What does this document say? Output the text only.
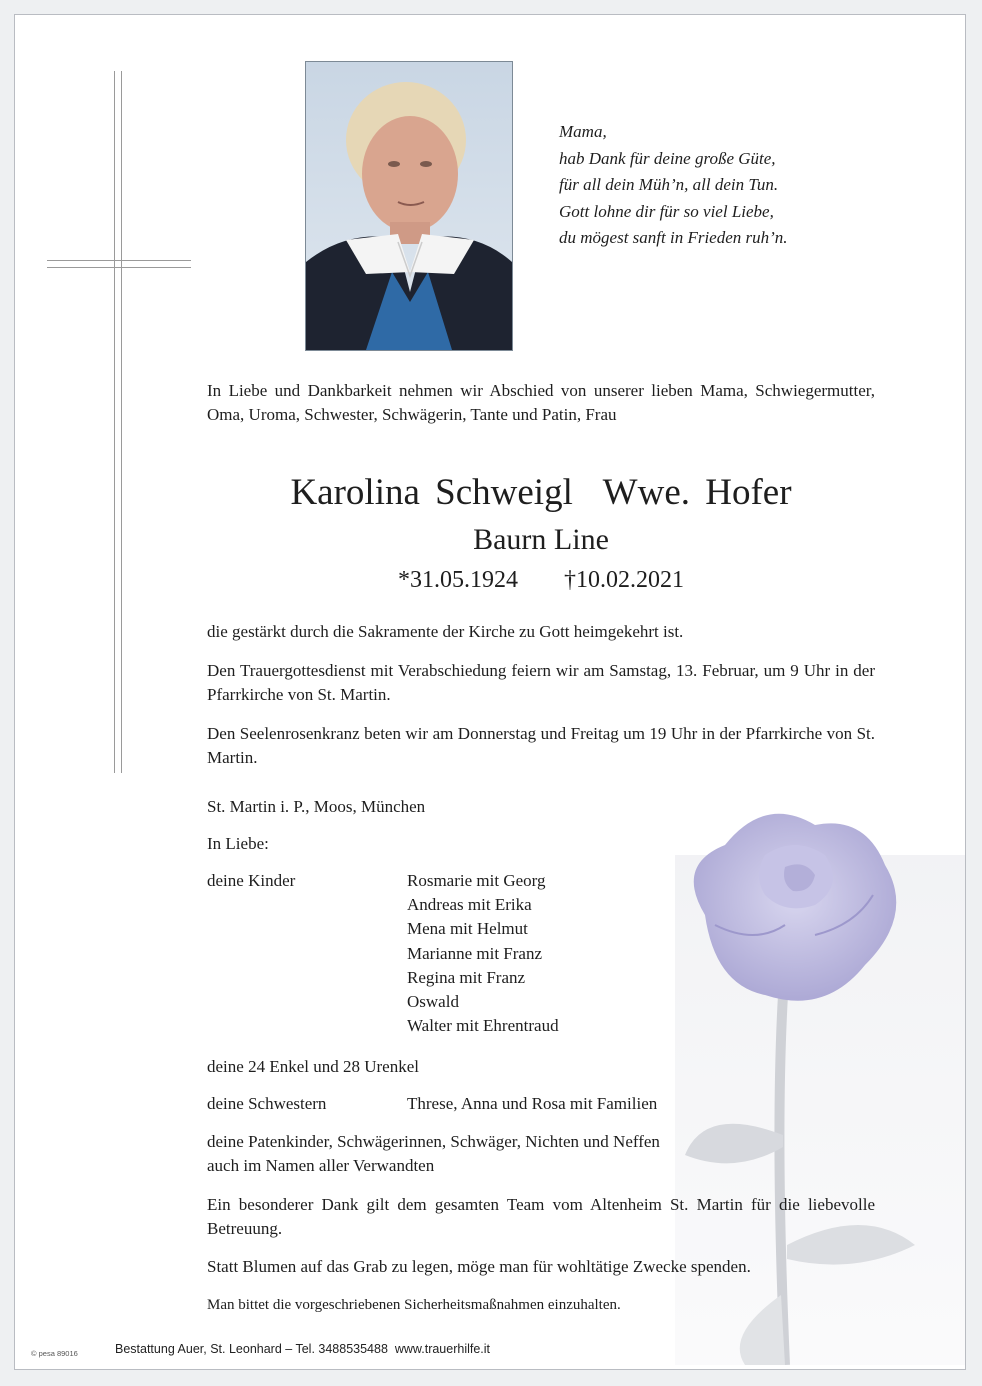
Mama,
hab Dank für deine große Güte,
für all dein Müh’n, all dein Tun.
Gott lohne dir für so viel Liebe,
du mögest sanft in Frieden ruh’n.
In Liebe und Dankbarkeit nehmen wir Abschied von unserer lieben Mama, Schwiegermutter, Oma, Uroma, Schwester, Schwägerin, Tante und Patin, Frau
Karolina Schweigl  Wwe. Hofer
Baurn Line
*31.05.1924 †10.02.2021
die gestärkt durch die Sakramente der Kirche zu Gott heimgekehrt ist.
Den Trauergottesdienst mit Verabschiedung feiern wir am Samstag, 13. Februar, um 9 Uhr in der Pfarrkirche von St. Martin.
Den Seelenrosenkranz beten wir am Donnerstag und Freitag um 19 Uhr in der Pfarrkirche von St. Martin.
St. Martin i. P., Moos, München
In Liebe:
deine Kinder	Rosmarie mit Georg
Andreas mit Erika
Mena mit Helmut
Marianne mit Franz
Regina mit Franz
Oswald
Walter mit Ehrentraud
deine 24 Enkel und 28 Urenkel
deine Schwestern	Threse, Anna und Rosa mit Familien
deine Patenkinder, Schwägerinnen, Schwäger, Nichten und Neffen
auch im Namen aller Verwandten
Ein besonderer Dank gilt dem gesamten Team vom Altenheim St. Martin für die liebevolle Betreuung.
Statt Blumen auf das Grab zu legen, möge man für wohltätige Zwecke spenden.
Man bittet die vorgeschriebenen Sicherheitsmaßnahmen einzuhalten.
© pesa 89016	Bestattung Auer, St. Leonhard – Tel. 3488535488  www.trauerhilfe.it
